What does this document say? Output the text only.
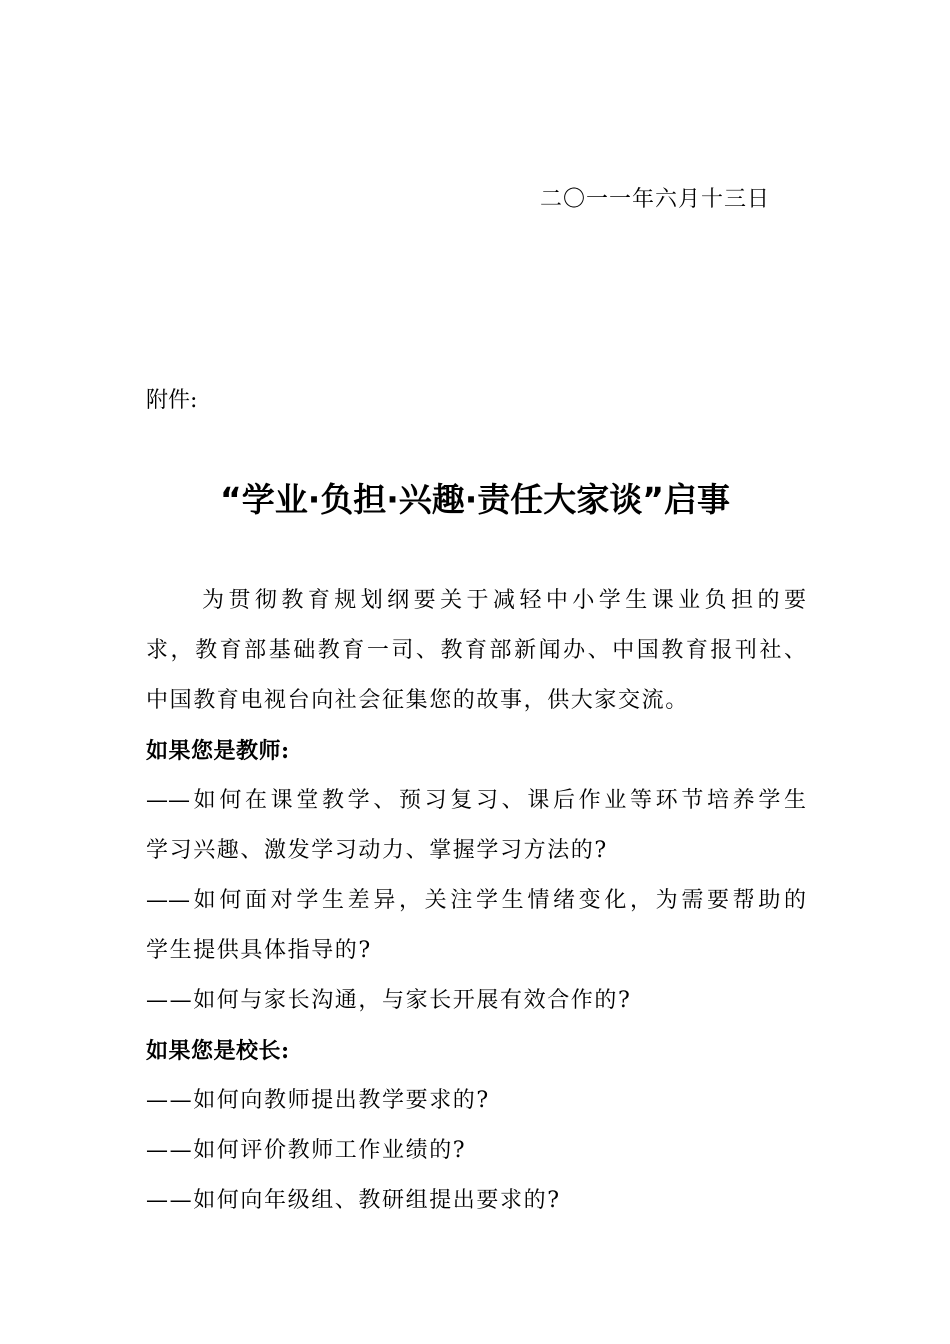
二〇一一年六月十三日
附件:
“学业·负担·兴趣·责任大家谈”启事
为贯彻教育规划纲要关于减轻中小学生课业负担的要
求，教育部基础教育一司、教育部新闻办、中国教育报刊社、
中国教育电视台向社会征集您的故事，供大家交流。
如果您是教师:
——如何在课堂教学、预习复习、课后作业等环节培养学生
学习兴趣、激发学习动力、掌握学习方法的?
——如何面对学生差异，关注学生情绪变化，为需要帮助的
学生提供具体指导的?
——如何与家长沟通，与家长开展有效合作的?
如果您是校长:
——如何向教师提出教学要求的?
——如何评价教师工作业绩的?
——如何向年级组、教研组提出要求的?
